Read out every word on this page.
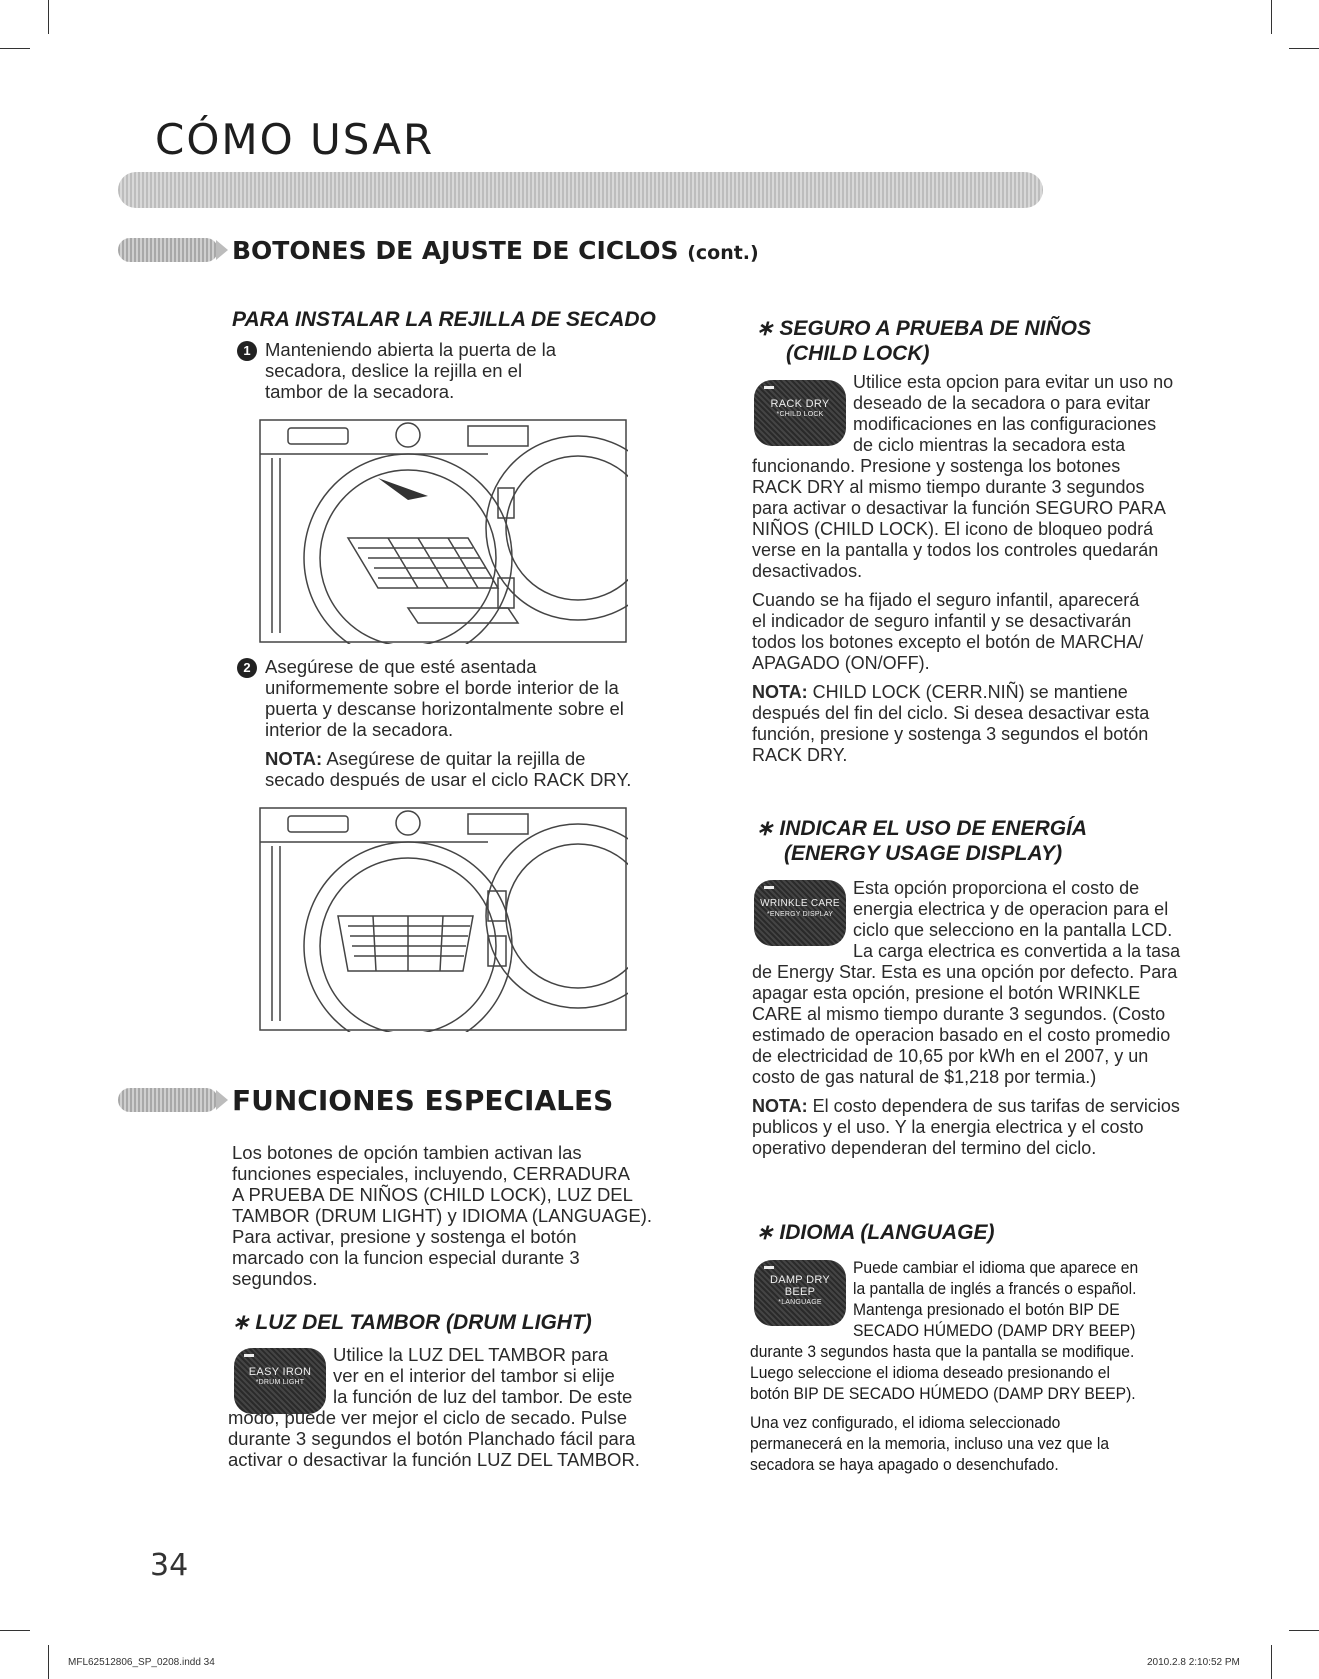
CÓMO USAR
BOTONES DE AJUSTE DE CICLOS (cont.)
PARA INSTALAR LA REJILLA DE SECADO
1 Manteniendo abierta la puerta de la
secadora, deslice la rejilla en el
tambor de la secadora.
2 Asegúrese de que esté asentada
uniformemente sobre el borde interior de la
puerta y descanse horizontalmente sobre el
interior de la secadora.
NOTA: Asegúrese de quitar la rejilla de
secado después de usar el ciclo RACK DRY.
FUNCIONES ESPECIALES
Los botones de opción tambien activan las
funciones especiales, incluyendo, CERRADURA
A PRUEBA DE NIÑOS (CHILD LOCK), LUZ DEL
TAMBOR (DRUM LIGHT) y IDIOMA (LANGUAGE).
Para activar, presione y sostenga el botón
marcado con la funcion especial durante 3
segundos.
∗ LUZ DEL TAMBOR (DRUM LIGHT)
EASY IRON
*DRUM LIGHT
Utilice la LUZ DEL TAMBOR para
ver en el interior del tambor si elije
la función de luz del tambor. De este
modo, puede ver mejor el ciclo de secado. Pulse
durante 3 segundos el botón Planchado fácil para
activar o desactivar la función LUZ DEL TAMBOR.
∗ SEGURO A PRUEBA DE NIÑOS
(CHILD LOCK)
RACK DRY
*CHILD LOCK
Utilice esta opcion para evitar un uso no
deseado de la secadora o para evitar
modificaciones en las configuraciones
de ciclo mientras la secadora esta
funcionando. Presione y sostenga los botones
RACK DRY al mismo tiempo durante 3 segundos
para activar o desactivar la función SEGURO PARA
NIÑOS (CHILD LOCK). El icono de bloqueo podrá
verse en la pantalla y todos los controles quedarán
desactivados.
Cuando se ha fijado el seguro infantil, aparecerá
el indicador de seguro infantil y se desactivarán
todos los botones excepto el botón de MARCHA/
APAGADO (ON/OFF).
NOTA: CHILD LOCK (CERR.NIÑ) se mantiene
después del fin del ciclo. Si desea desactivar esta
función, presione y sostenga 3 segundos el botón
RACK DRY.
∗ INDICAR EL USO DE ENERGÍA
(ENERGY USAGE DISPLAY)
WRINKLE CARE
*ENERGY DISPLAY
Esta opción proporciona el costo de
energia electrica y de operacion para el
ciclo que selecciono en la pantalla LCD.
La carga electrica es convertida a la tasa
de Energy Star. Esta es una opción por defecto. Para
apagar esta opción, presione el botón WRINKLE
CARE al mismo tiempo durante 3 segundos. (Costo
estimado de operacion basado en el costo promedio
de electricidad de 10,65 por kWh en el 2007, y un
costo de gas natural de $1,218 por termia.)
NOTA: El costo dependera de sus tarifas de servicios
publicos y el uso. Y la energia electrica y el costo
operativo dependeran del termino del ciclo.
∗ IDIOMA (LANGUAGE)
DAMP DRY
BEEP
*LANGUAGE
Puede cambiar el idioma que aparece en
la pantalla de inglés a francés o español.
Mantenga presionado el botón BIP DE
SECADO HÚMEDO (DAMP DRY BEEP)
durante 3 segundos hasta que la pantalla se modifique.
Luego seleccione el idioma deseado presionando el
botón BIP DE SECADO HÚMEDO (DAMP DRY BEEP).
Una vez configurado, el idioma seleccionado
permanecerá en la memoria, incluso una vez que la
secadora se haya apagado o desenchufado.
34
MFL62512806_SP_0208.indd 34	2010.2.8 2:10:52 PM
